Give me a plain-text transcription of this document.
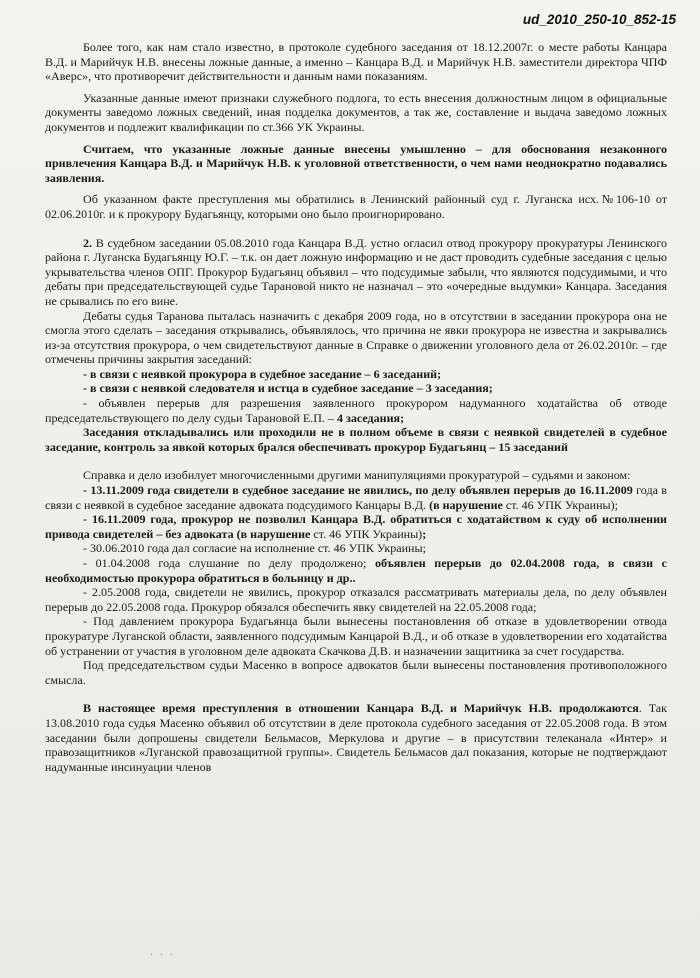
ud_2010_250-10_852-15

Более того, как нам стало известно, в протоколе судебного заседания от 18.12.2007г. о месте работы Канцара В.Д. и Марийчук Н.В. внесены ложные данные, а именно – Канцара В.Д. и Марийчук Н.В. заместители директора ЧПФ «Аверс», что противоречит действительности и данным нами показаниям.

Указанные данные имеют признаки служебного подлога, то есть внесения должностным лицом в официальные документы заведомо ложных сведений, иная подделка документов, а так же, составление и выдача заведомо ложных документов и подлежит квалификации по ст.366 УК Украины.

Считаем, что указанные ложные данные внесены умышленно – для обоснования незаконного привлечения Канцара В.Д. и Марийчук Н.В. к уголовной ответственности, о чем нами неоднократно подавались заявления.

Об указанном факте преступления мы обратились в Ленинский районный суд г. Луганска исх.№106-10 от 02.06.2010г. и к прокурору Будагьянцу, которыми оно было проигнорировано.

2. В судебном заседании 05.08.2010 года Канцара В.Д. устно огласил отвод прокурору прокуратуры Ленинского района г. Луганска Будагьянцу Ю.Г. – т.к. он дает ложную информацию и не даст проводить судебные заседания с целью укрывательства членов ОПГ. Прокурор Будагьянц объявил – что подсудимые забыли, что являются подсудимыми, и что дебаты при председательствующей судье Тарановой никто не назначал – это «очередные выдумки» Канцара. Заседания не срывались по его вине.

Дебаты судья Таранова пыталась назначить с декабря 2009 года, но в отсутствии в заседании прокурора она не смогла этого сделать – заседания открывались, объявлялось, что причина не явки прокурора не известна и закрывались из-за отсутствия прокурора, о чем свидетельствуют данные в Справке о движении уголовного дела от 26.02.2010г. – где отмечены причины закрытия заседаний:

- в связи с неявкой прокурора в судебное заседание – 6 заседаний;

- в связи с неявкой следователя и истца в судебное заседание – 3 заседания;

- объявлен перерыв для разрешения заявленного прокурором надуманного ходатайства об отводе председательствующего по делу судьи Тарановой Е.П. – 4 заседания;

Заседания откладывались или проходили не в полном объеме в связи с неявкой свидетелей в судебное заседание, контроль за явкой которых брался обеспечивать прокурор Будагьянц – 15 заседаний

Справка и дело изобилует многочисленными другими манипуляциями прокуратурой – судьями и законом:

- 13.11.2009 года свидетели в судебное заседание не явились, по делу объявлен перерыв до 16.11.2009 года в связи с неявкой в судебное заседание адвоката подсудимого Канцары В.Д. (в нарушение ст. 46 УПК Украины);

- 16.11.2009 года, прокурор не позволил Канцара В.Д. обратиться с ходатайством к суду об исполнении привода свидетелей – без адвоката (в нарушение ст. 46 УПК Украины);

- 30.06.2010 года дал согласие на исполнение ст. 46 УПК Украины;

- 01.04.2008 года слушание по делу продолжено; объявлен перерыв до 02.04.2008 года, в связи с необходимостью прокурора обратиться в больницу и др..

- 2.05.2008 года, свидетели не явились, прокурор отказался рассматривать материалы дела, по делу объявлен перерыв до 22.05.2008 года. Прокурор обязался обеспечить явку свидетелей на 22.05.2008 года;

- Под давлением прокурора Будагьянца были вынесены постановления об отказе в удовлетворении отвода прокуратуре Луганской области, заявленного подсудимым Канцарой В.Д., и об отказе в удовлетворении его ходатайства об устранении от участия в уголовном деле адвоката Скачкова Д.В. и назначении защитника за счет государства.

Под председательством судьи Масенко в вопросе адвокатов были вынесены постановления противоположного смысла.

В настоящее время преступления в отношении Канцара В.Д. и Марийчук Н.В. продолжаются. Так 13.08.2010 года судья Масенко объявил об отсутствии в деле протокола судебного заседания от 22.05.2008 года. В этом заседании были допрошены свидетели Бельмасов, Меркулова и другие – в присутствии телеканала «Интер» и правозащитников «Луганской правозащитной группы». Свидетель Бельмасов дал показания, которые не подтверждают надуманные инсинуации членов

· · ·
